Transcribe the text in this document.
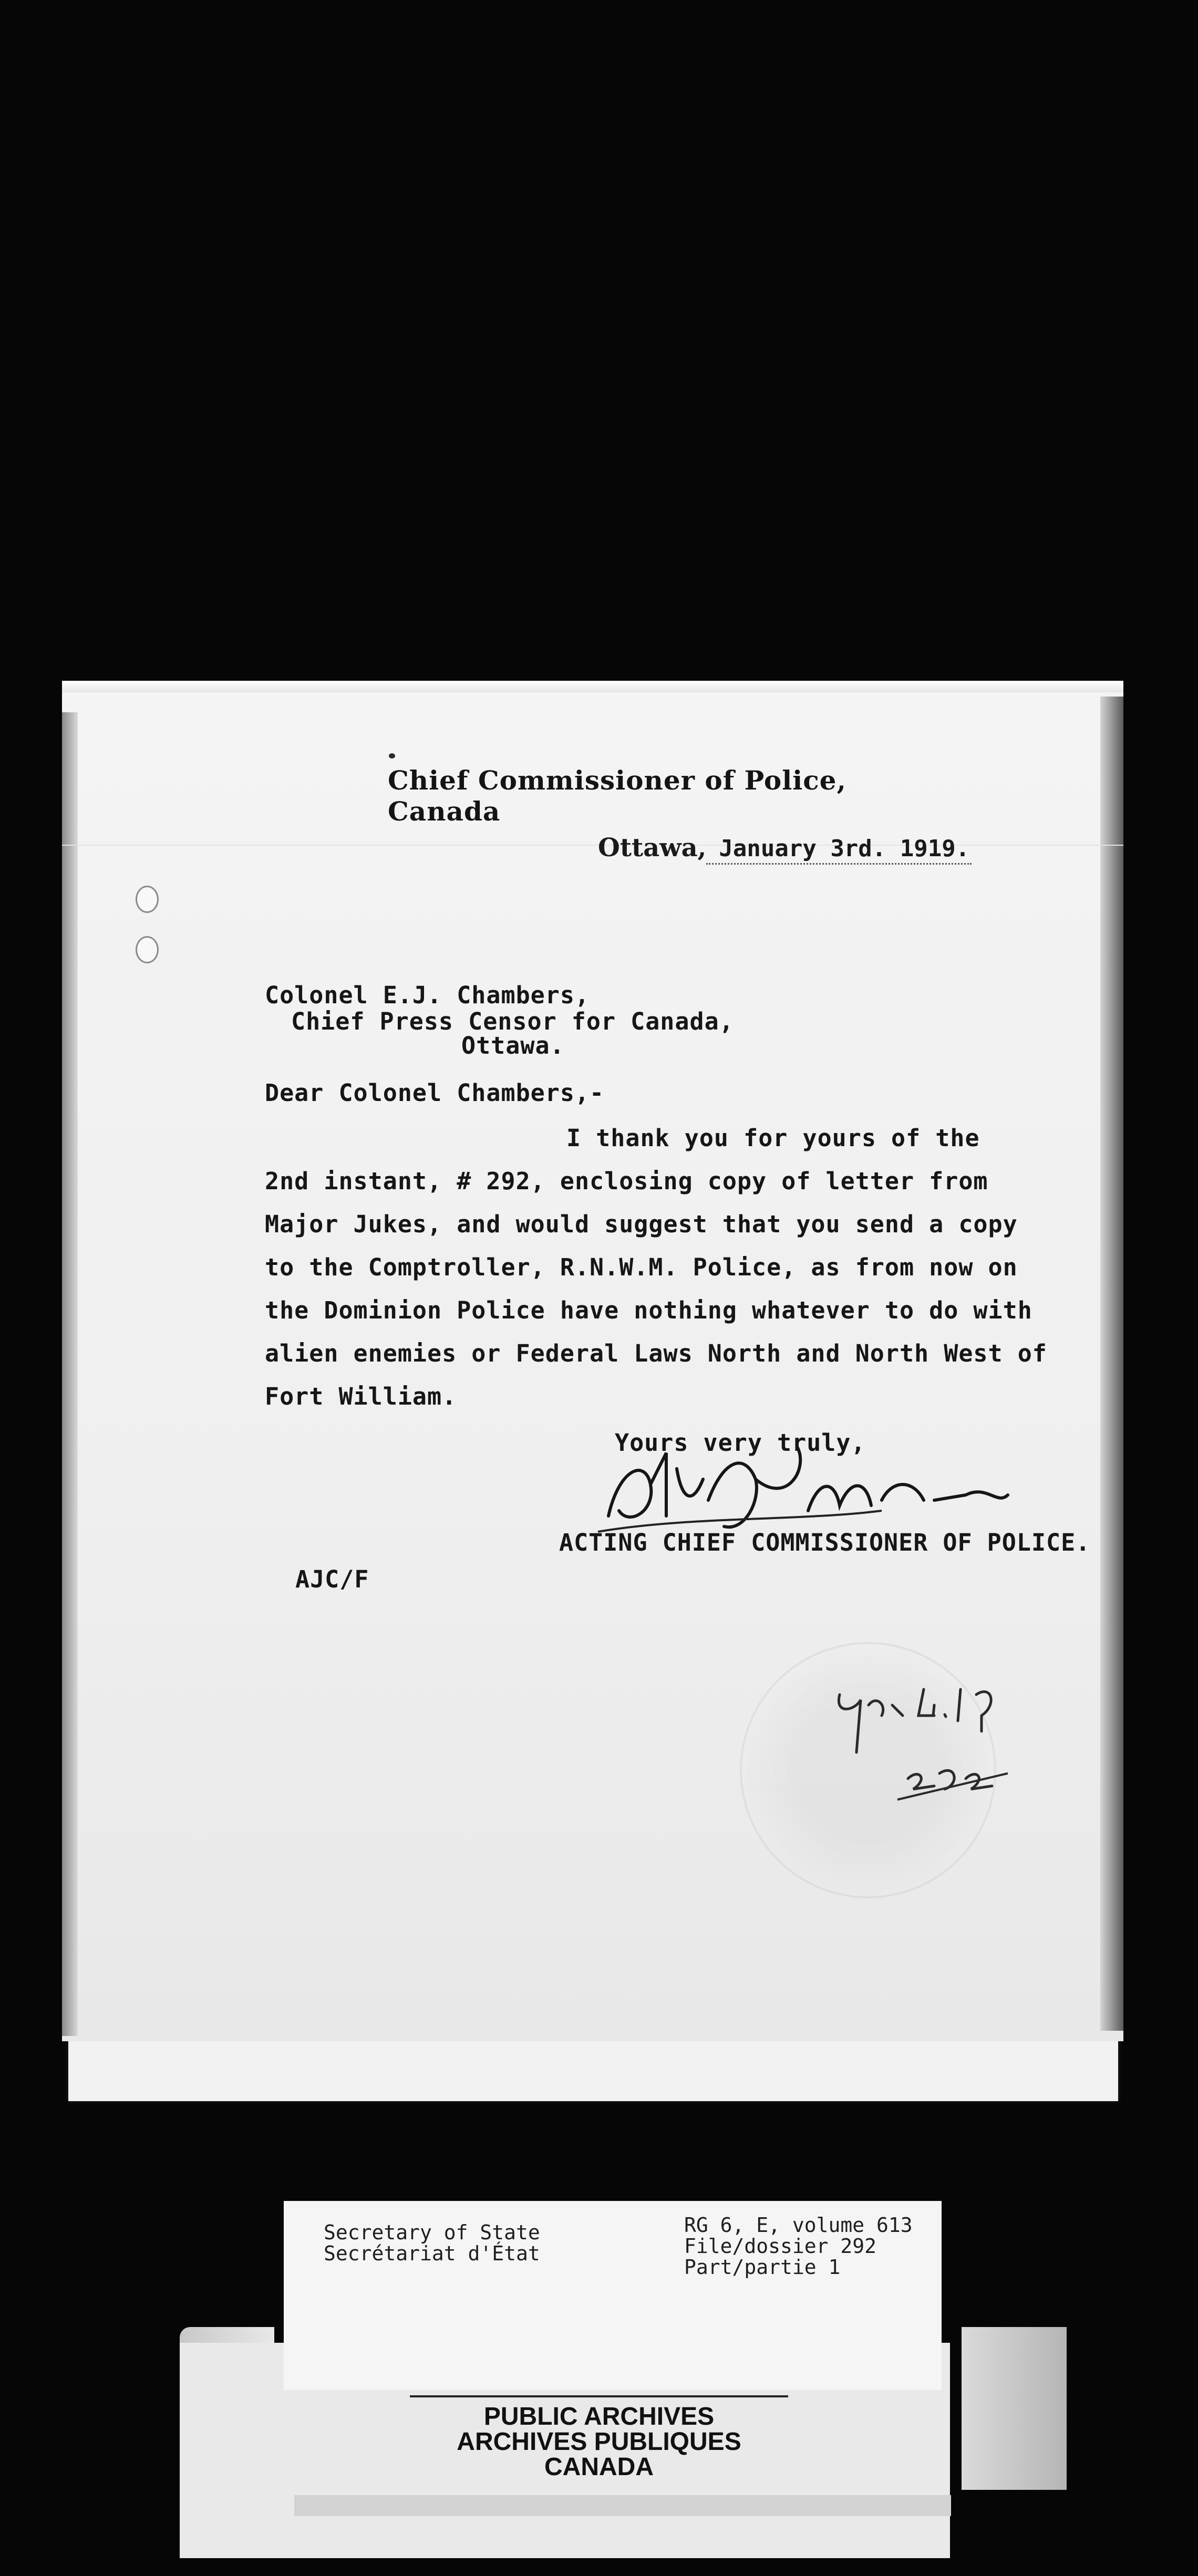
Chief Commissioner of Police, Canada
Ottawa, January 3rd. 1919.
Colonel E.J. Chambers,
Chief Press Censor for Canada,
Ottawa.
Dear Colonel Chambers,-
I thank you for yours of the
2nd instant, # 292, enclosing copy of letter from
Major Jukes, and would suggest that you send a copy
to the Comptroller, R.N.W.M. Police, as from now on
the Dominion Police have nothing whatever to do with
alien enemies or Federal Laws North and North West of
Fort William.
Yours very truly,
ACTING CHIEF COMMISSIONER OF POLICE.
AJC/F
Secretary of State
Secrétariat d'État
RG 6, E, volume 613
File/dossier 292
Part/partie 1
PUBLIC ARCHIVES
ARCHIVES PUBLIQUES
CANADA
